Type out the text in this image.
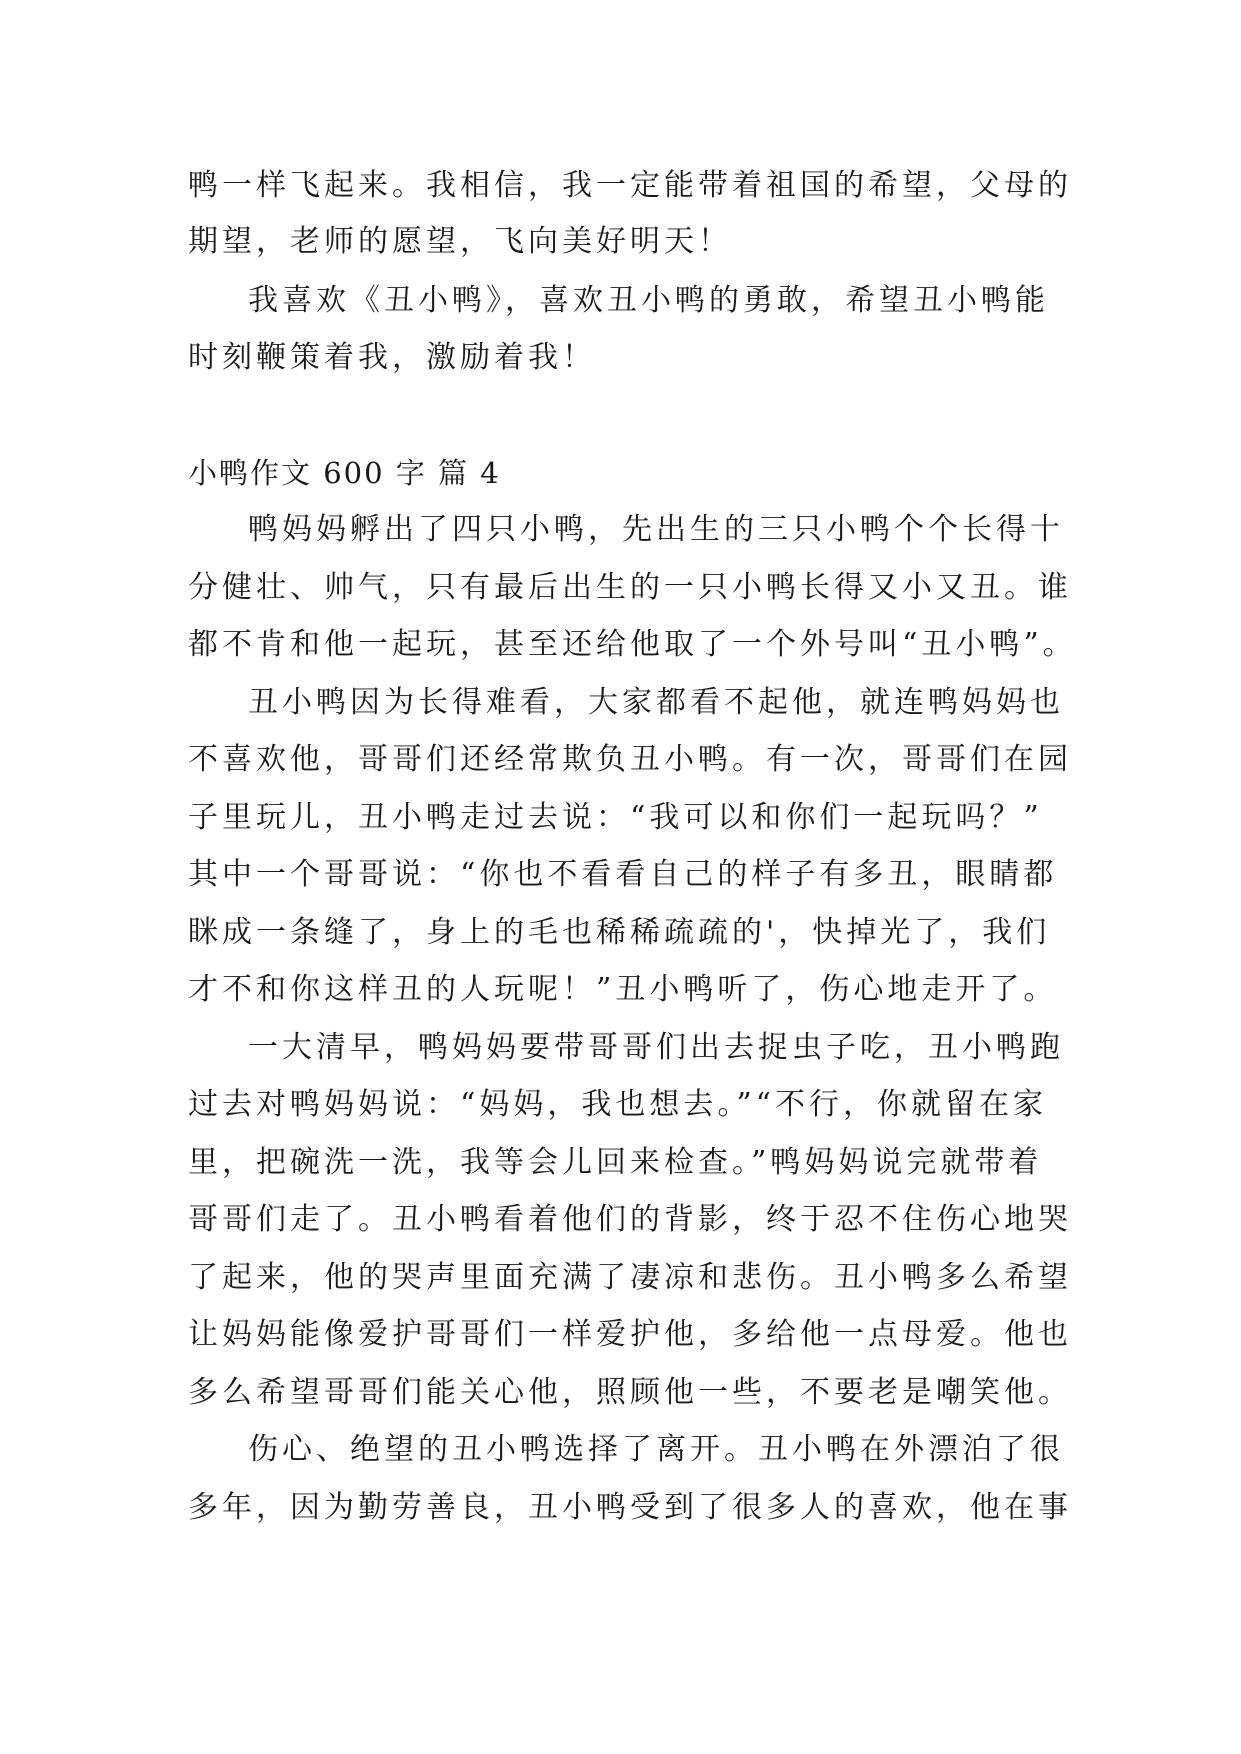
鸭一样飞起来。我相信，我一定能带着祖国的希望，父母的
期望，老师的愿望，飞向美好明天！
我喜欢《丑小鸭》，喜欢丑小鸭的勇敢，希望丑小鸭能
时刻鞭策着我，激励着我！
小鸭作文 600 字 篇 4
鸭妈妈孵出了四只小鸭，先出生的三只小鸭个个长得十
分健壮、帅气，只有最后出生的一只小鸭长得又小又丑。谁
都不肯和他一起玩，甚至还给他取了一个外号叫“丑小鸭”。
丑小鸭因为长得难看，大家都看不起他，就连鸭妈妈也
不喜欢他，哥哥们还经常欺负丑小鸭。有一次，哥哥们在园
子里玩儿，丑小鸭走过去说：“我可以和你们一起玩吗？”
其中一个哥哥说：“你也不看看自己的样子有多丑，眼睛都
眯成一条缝了，身上的毛也稀稀疏疏的'，快掉光了，我们
才不和你这样丑的人玩呢！”丑小鸭听了，伤心地走开了。
一大清早，鸭妈妈要带哥哥们出去捉虫子吃，丑小鸭跑
过去对鸭妈妈说：“妈妈，我也想去。”“不行，你就留在家
里，把碗洗一洗，我等会儿回来检查。”鸭妈妈说完就带着
哥哥们走了。丑小鸭看着他们的背影，终于忍不住伤心地哭
了起来，他的哭声里面充满了凄凉和悲伤。丑小鸭多么希望
让妈妈能像爱护哥哥们一样爱护他，多给他一点母爱。他也
多么希望哥哥们能关心他，照顾他一些，不要老是嘲笑他。
伤心、绝望的丑小鸭选择了离开。丑小鸭在外漂泊了很
多年，因为勤劳善良，丑小鸭受到了很多人的喜欢，他在事
